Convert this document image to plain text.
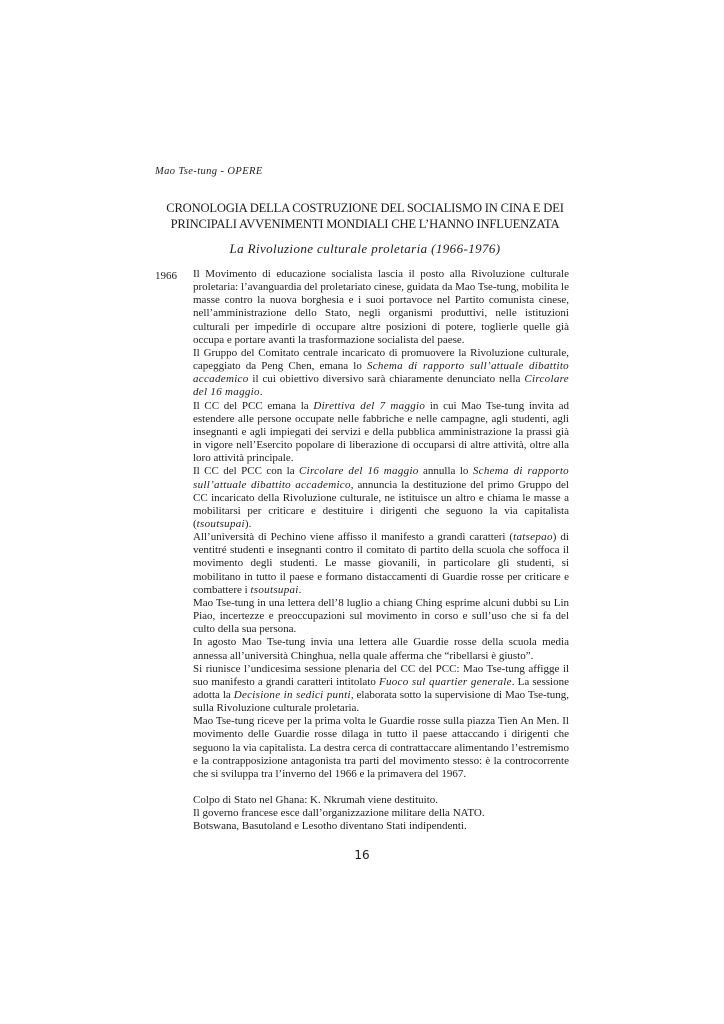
Mao Tse-tung - OPERE
CRONOLOGIA DELLA COSTRUZIONE DEL SOCIALISMO IN CINA E DEI
PRINCIPALI AVVENIMENTI MONDIALI CHE L’HANNO INFLUENZATA
La Rivoluzione culturale proletaria (1966-1976)
1966 Il Movimento di educazione socialista lascia il posto alla Rivoluzione culturale proletaria: l’avanguardia del proletariato cinese, guidata da Mao Tse-tung, mobilita le masse contro la nuova borghesia e i suoi portavoce nel Partito comunista cinese, nell’amministrazione dello Stato, negli organismi produttivi, nelle istituzioni culturali per impedirle di occupare altre posizioni di potere, toglierle quelle già occupa e portare avanti la trasformazione socialista del paese.

Il Gruppo del Comitato centrale incaricato di promuovere la Rivoluzione culturale, capeggiato da Peng Chen, emana lo Schema di rapporto sull’attuale dibattito accademico il cui obiettivo diversivo sarà chiaramente denunciato nella Circolare del 16 maggio.

Il CC del PCC emana la Direttiva del 7 maggio in cui Mao Tse-tung invita ad estendere alle persone occupate nelle fabbriche e nelle campagne, agli studenti, agli insegnanti e agli impiegati dei servizi e della pubblica amministrazione la prassi già in vigore nell’Esercito popolare di liberazione di occuparsi di altre attività, oltre alla loro attività principale.

Il CC del PCC con la Circolare del 16 maggio annulla lo Schema di rapporto sull’attuale dibattito accademico, annuncia la destituzione del primo Gruppo del CC incaricato della Rivoluzione culturale, ne istituisce un altro e chiama le masse a mobilitarsi per criticare e destituire i dirigenti che seguono la via capitalista (tsoutsupai).

All’università di Pechino viene affisso il manifesto a grandi caratteri (tatsepao) di ventitré studenti e insegnanti contro il comitato di partito della scuola che soffoca il movimento degli studenti. Le masse giovanili, in particolare gli studenti, si mobilitano in tutto il paese e formano distaccamenti di Guardie rosse per criticare e combattere i tsoutsupai.

Mao Tse-tung in una lettera dell’8 luglio a chiang Ching esprime alcuni dubbi su Lin Piao, incertezze e preoccupazioni sul movimento in corso e sull’uso che si fa del culto della sua persona.

In agosto Mao Tse-tung invia una lettera alle Guardie rosse della scuola media annessa all’università Chinghua, nella quale afferma che “ribellarsi è giusto”.

Si riunisce l’undicesima sessione plenaria del CC del PCC: Mao Tse-tung affigge il suo manifesto a grandi caratteri intitolato Fuoco sul quartier generale. La sessione adotta la Decisione in sedici punti, elaborata sotto la supervisione di Mao Tse-tung, sulla Rivoluzione culturale proletaria.

Mao Tse-tung riceve per la prima volta le Guardie rosse sulla piazza Tien An Men. Il movimento delle Guardie rosse dilaga in tutto il paese attaccando i dirigenti che seguono la via capitalista. La destra cerca di contrattaccare alimentando l’estremismo e la contrapposizione antagonista tra parti del movimento stesso: è la controcorrente che si sviluppa tra l’inverno del 1966 e la primavera del 1967.

Colpo di Stato nel Ghana: K. Nkrumah viene destituito.

Il governo francese esce dall’organizzazione militare della NATO.

Botswana, Basutoland e Lesotho diventano Stati indipendenti.

16
